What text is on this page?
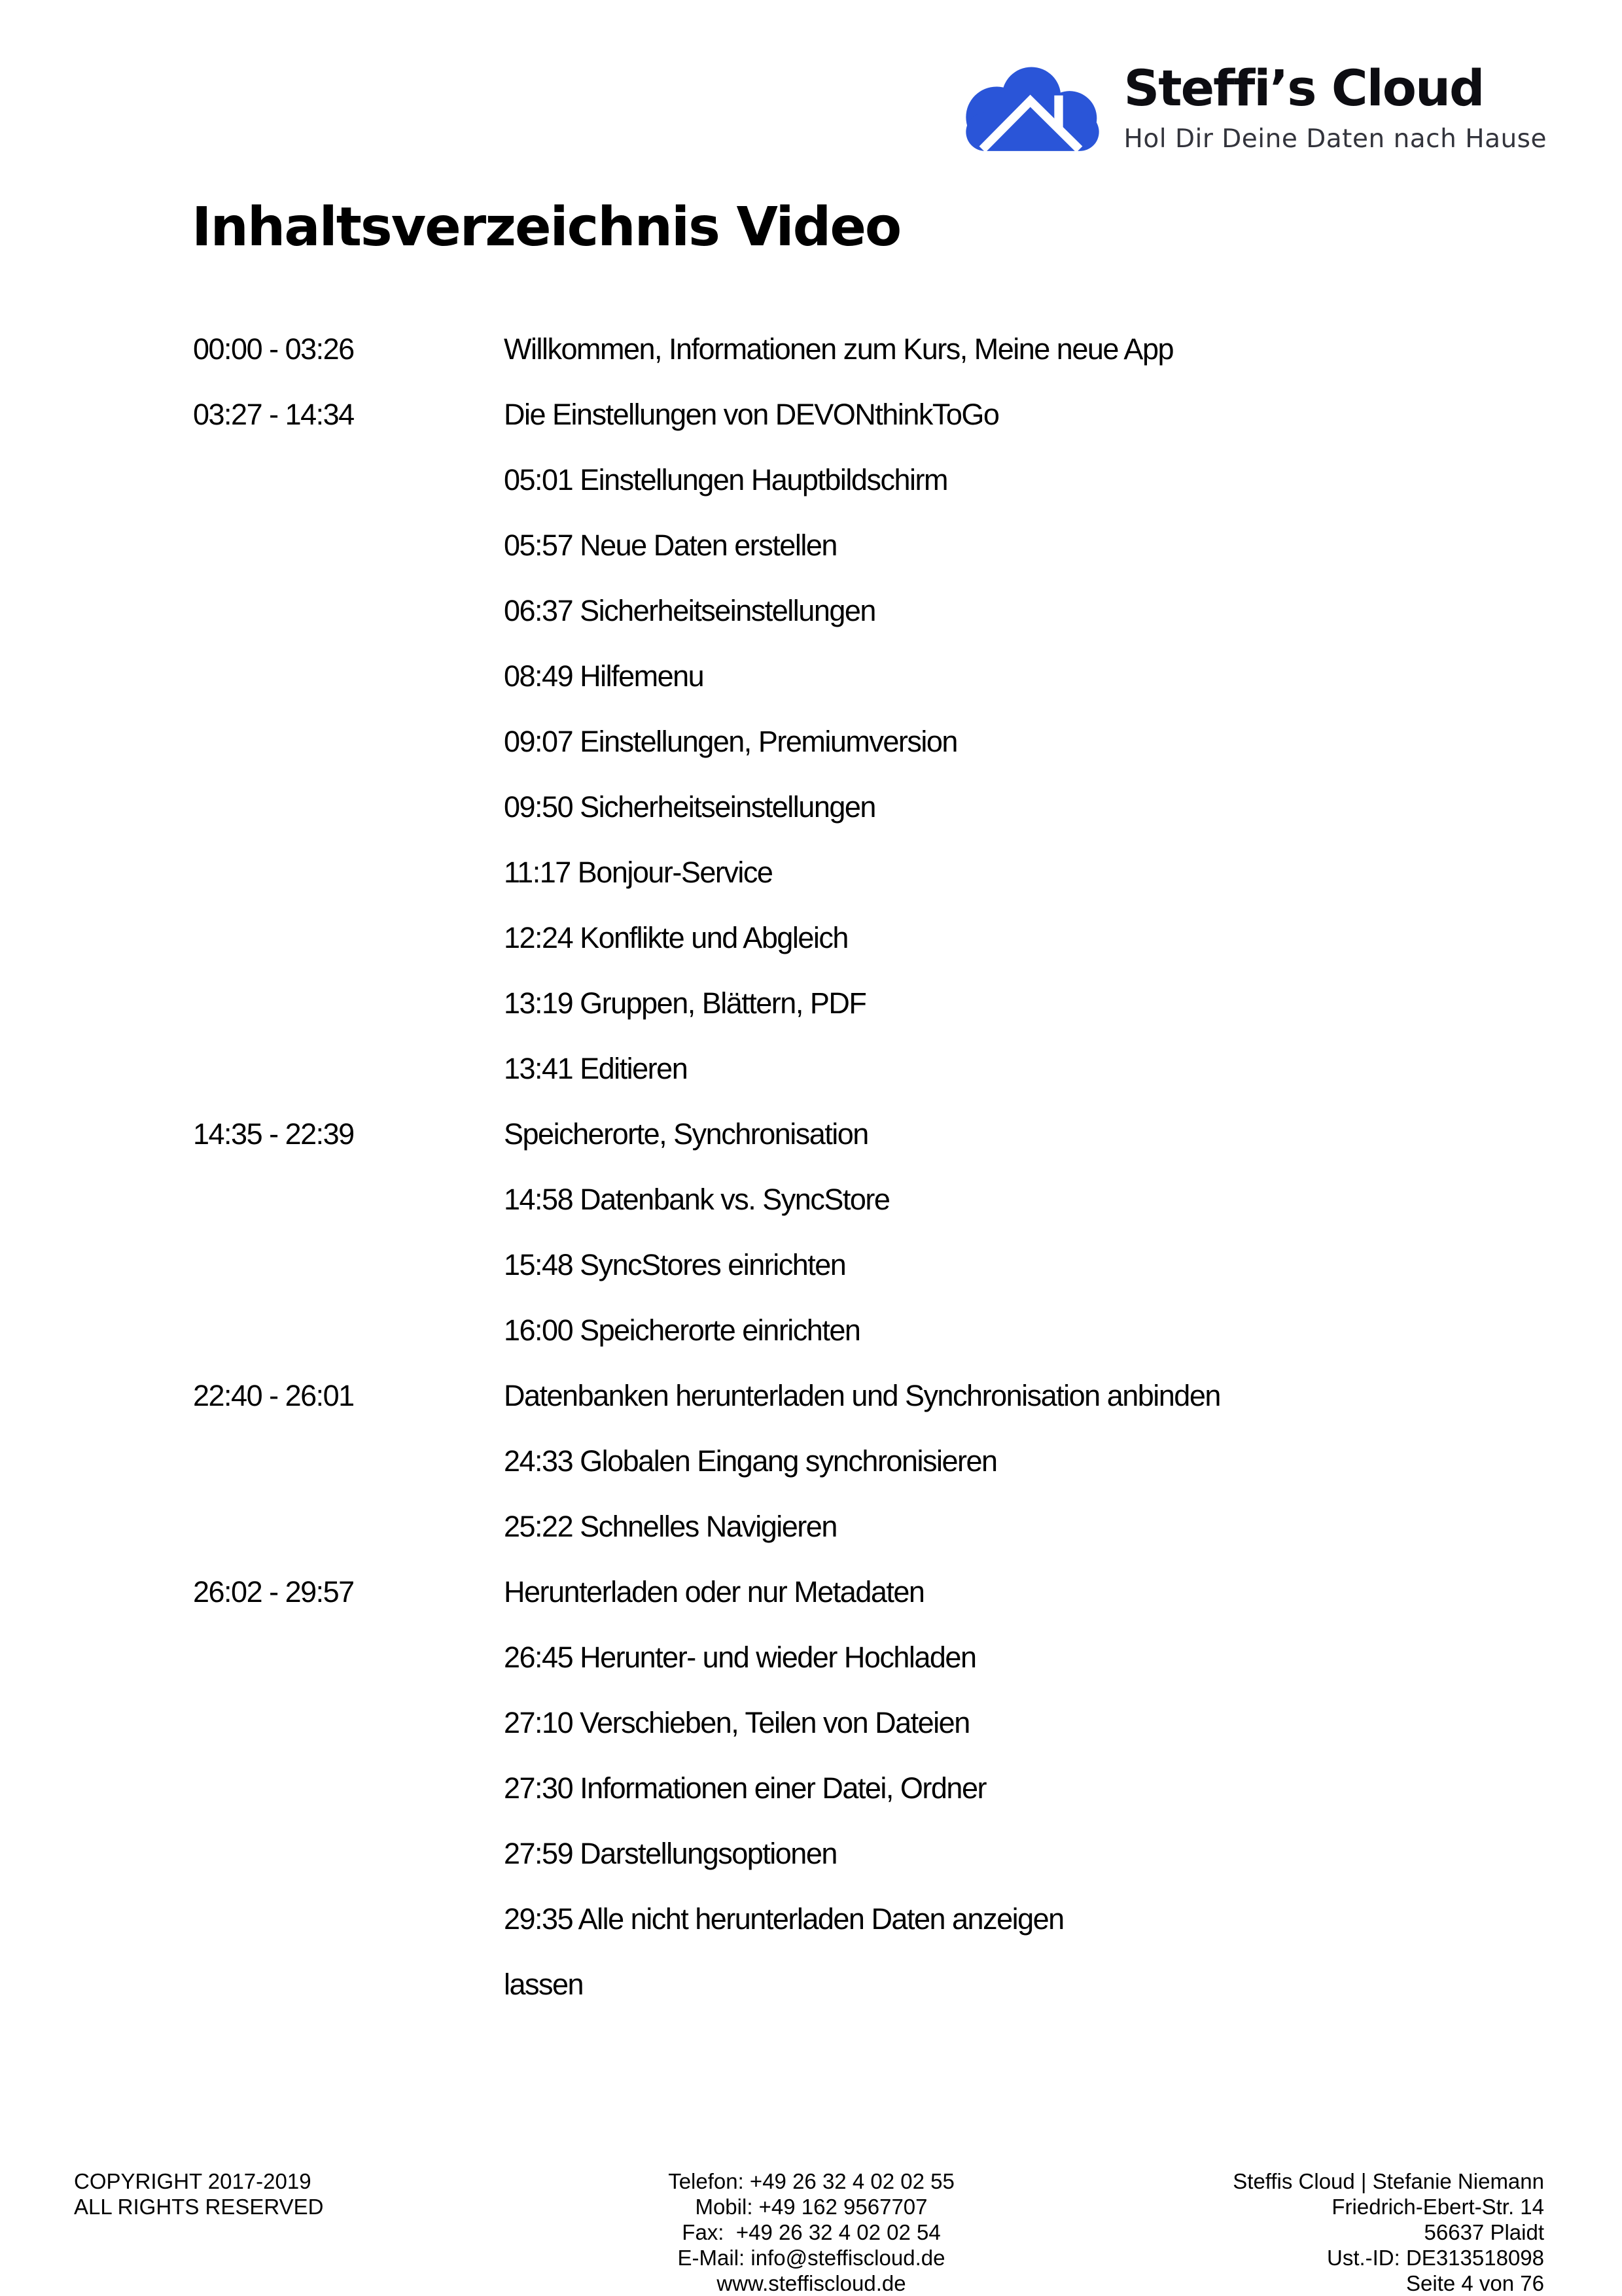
Steffi’s Cloud
Hol Dir Deine Daten nach Hause
Inhaltsverzeichnis Video
00:00 - 03:26	Willkommen, Informationen zum Kurs, Meine neue App
03:27 - 14:34	Die Einstellungen von DEVONthinkToGo
05:01 Einstellungen Hauptbildschirm
05:57 Neue Daten erstellen
06:37 Sicherheitseinstellungen
08:49 Hilfemenu
09:07 Einstellungen, Premiumversion
09:50 Sicherheitseinstellungen
11:17 Bonjour-Service
12:24 Konflikte und Abgleich
13:19 Gruppen, Blättern, PDF
13:41 Editieren
14:35 - 22:39	Speicherorte, Synchronisation
14:58 Datenbank vs. SyncStore
15:48 SyncStores einrichten
16:00 Speicherorte einrichten
22:40 - 26:01	Datenbanken herunterladen und Synchronisation anbinden
24:33 Globalen Eingang synchronisieren
25:22 Schnelles Navigieren
26:02 - 29:57	Herunterladen oder nur Metadaten
26:45 Herunter- und wieder Hochladen
27:10 Verschieben, Teilen von Dateien
27:30 Informationen einer Datei, Ordner
27:59 Darstellungsoptionen
29:35 Alle nicht herunterladen Daten anzeigen
lassen
COPYRIGHT 2017-2019
ALL RIGHTS RESERVED
Telefon: +49 26 32 4 02 02 55
Mobil: +49 162 9567707
Fax:  +49 26 32 4 02 02 54
E-Mail: info@steffiscloud.de
www.steffiscloud.de
Steffis Cloud | Stefanie Niemann
Friedrich-Ebert-Str. 14
56637 Plaidt
Ust.-ID: DE313518098
Seite 4 von 76
